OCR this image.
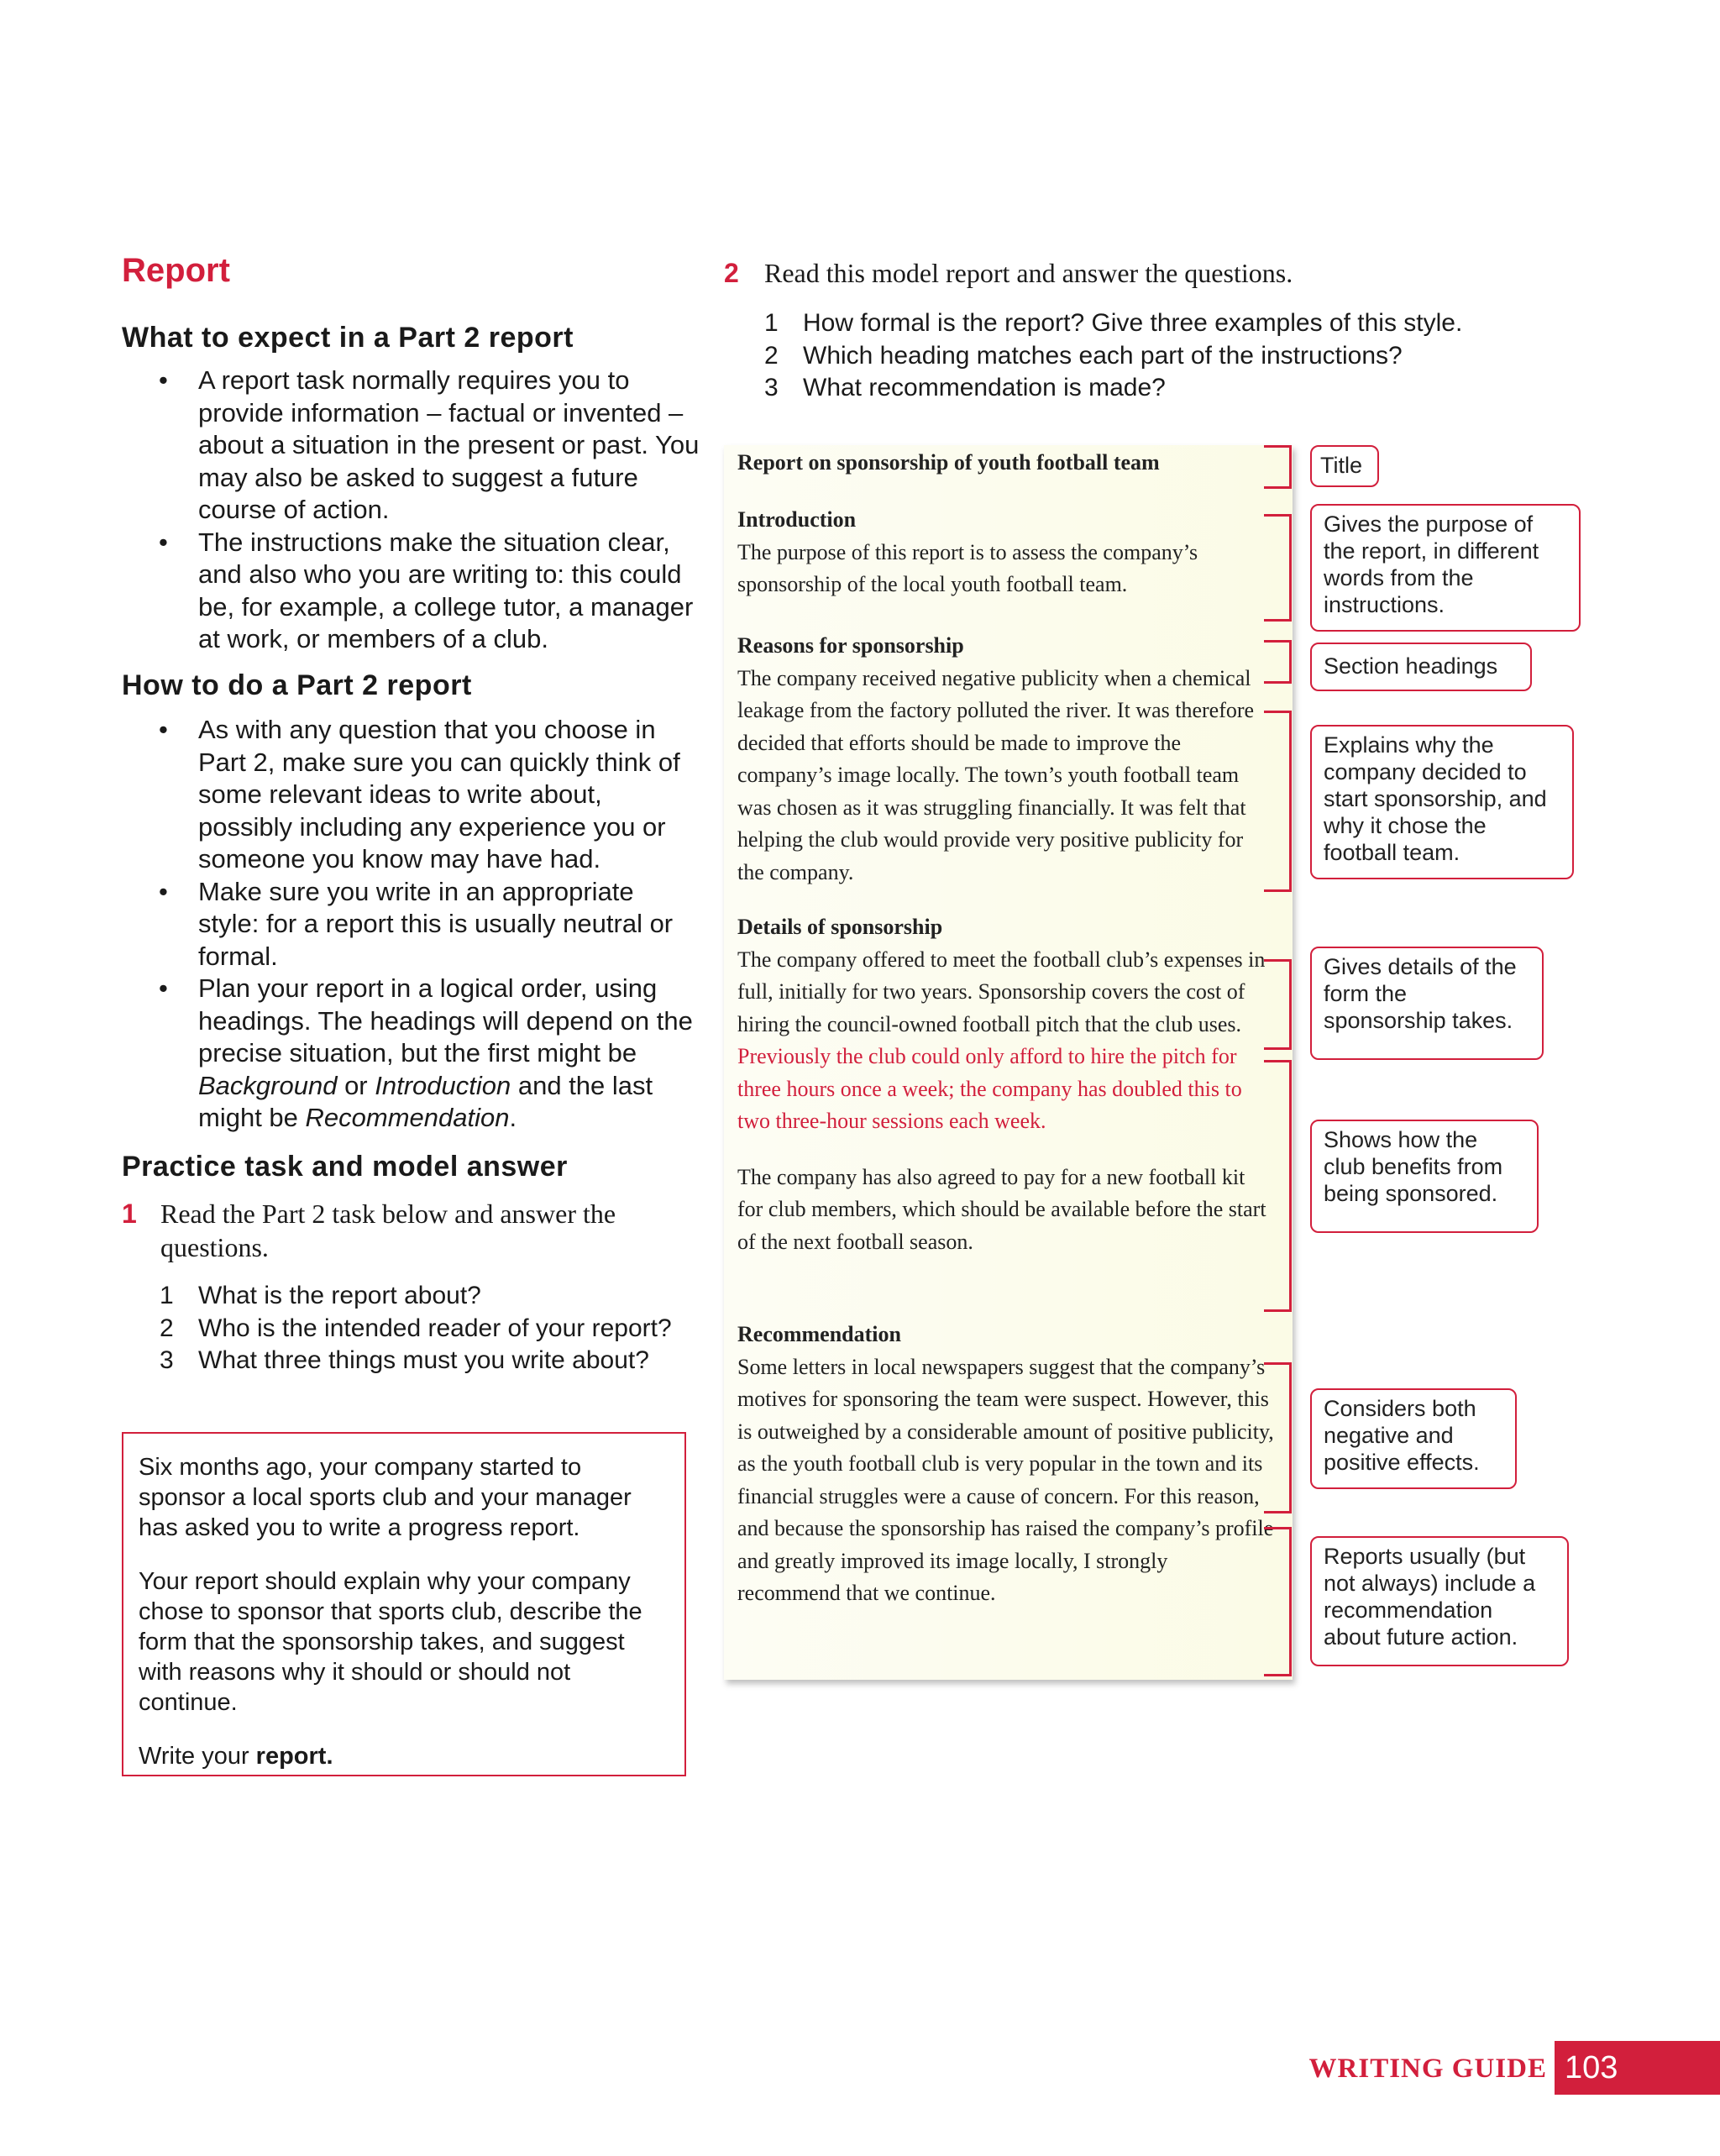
Report
What to expect in a Part 2 report
• A report task normally requires you to provide information – factual or invented – about a situation in the present or past. You may also be asked to suggest a future course of action.
• The instructions make the situation clear, and also who you are writing to: this could be, for example, a college tutor, a manager at work, or members of a club.
How to do a Part 2 report
• As with any question that you choose in Part 2, make sure you can quickly think of some relevant ideas to write about, possibly including any experience you or someone you know may have had.
• Make sure you write in an appropriate style: for a report this is usually neutral or formal.
• Plan your report in a logical order, using headings. The headings will depend on the precise situation, but the first might be Background or Introduction and the last might be Recommendation.
Practice task and model answer
1 Read the Part 2 task below and answer the questions.
1 What is the report about?
2 Who is the intended reader of your report?
3 What three things must you write about?

Six months ago, your company started to sponsor a local sports club and your manager has asked you to write a progress report.

Your report should explain why your company chose to sponsor that sports club, describe the form that the sponsorship takes, and suggest with reasons why it should or should not continue.

Write your report.

2 Read this model report and answer the questions.
1 How formal is the report? Give three examples of this style.
2 Which heading matches each part of the instructions?
3 What recommendation is made?
Report on sponsorship of youth football team
Introduction

The purpose of this report is to assess the company’s sponsorship of the local youth football team.

Reasons for sponsorship

The company received negative publicity when a chemical leakage from the factory polluted the river. It was therefore decided that efforts should be made to improve the company’s image locally. The town’s youth football team was chosen as it was struggling financially. It was felt that helping the club would provide very positive publicity for the company.

Details of sponsorship

The company offered to meet the football club’s expenses in full, initially for two years. Sponsorship covers the cost of hiring the council-owned football pitch that the club uses. Previously the club could only afford to hire the pitch for three hours once a week; the company has doubled this to two three-hour sessions each week.

The company has also agreed to pay for a new football kit for club members, which should be available before the start of the next football season.

Recommendation

Some letters in local newspapers suggest that the company’s motives for sponsoring the team were suspect. However, this is outweighed by a considerable amount of positive publicity, as the youth football club is very popular in the town and its financial struggles were a cause of concern. For this reason, and because the sponsorship has raised the company’s profile and greatly improved its image locally, I strongly recommend that we continue.

Title
Gives the purpose of the report, in different words from the instructions.
Section headings
Explains why the company decided to start sponsorship, and why it chose the football team.
Gives details of the form the sponsorship takes.
Shows how the club benefits from being sponsored.
Considers both negative and positive effects.
Reports usually (but not always) include a recommendation about future action.
WRITING GUIDE 103
